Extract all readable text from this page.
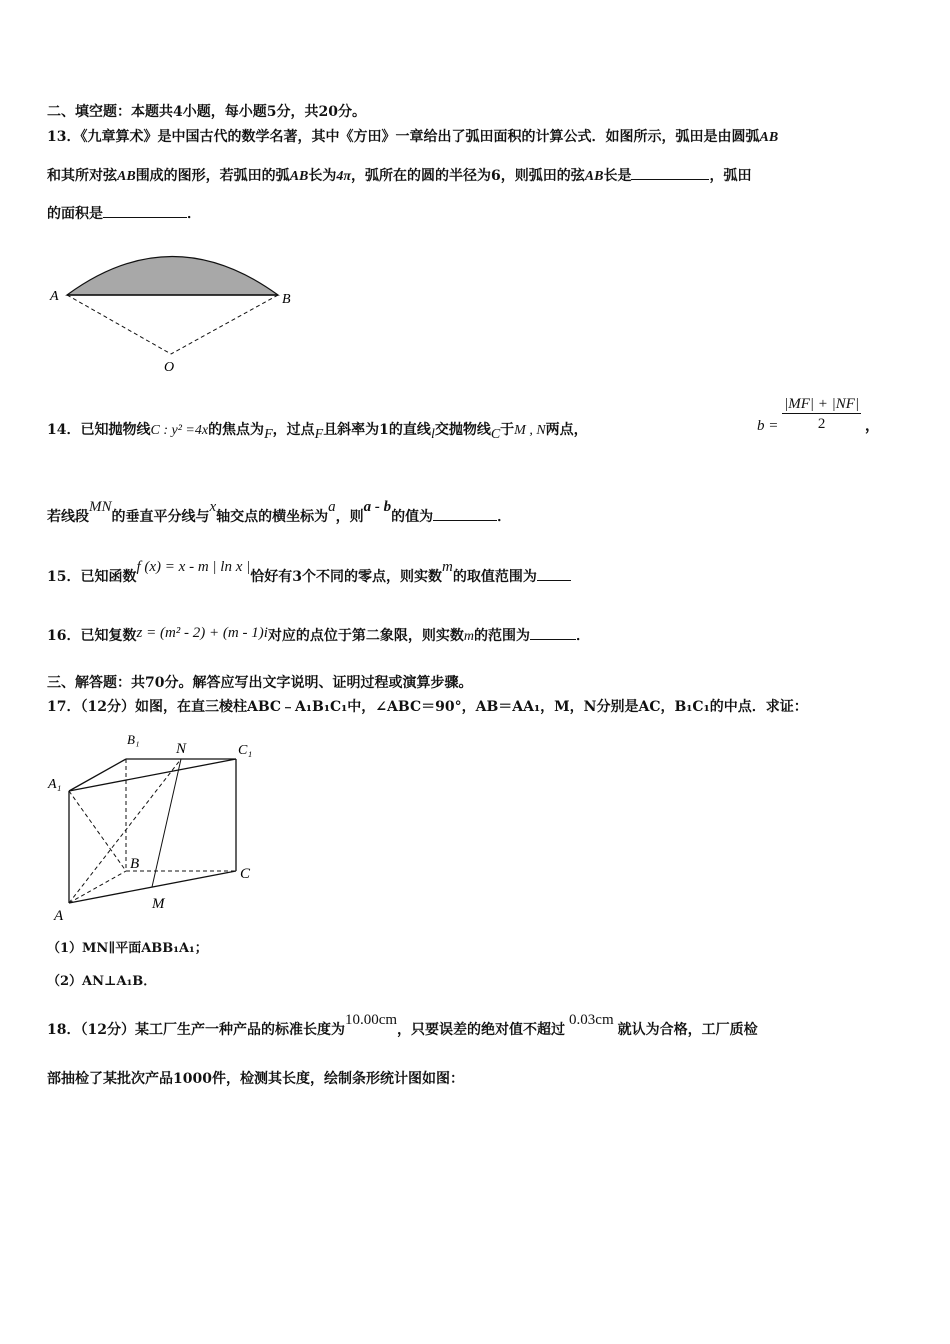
二、填空题：本题共4小题，每小题5分，共20分。
13．《九章算术》是中国古代的数学名著，其中《方田》一章给出了弧田面积的计算公式．如图所示，弧田是由圆弧AB
和其所对弦AB围成的图形，若弧田的弧AB长为4π，弧所在的圆的半径为6，则弧田的弦AB长是	，弧田
的面积是	．
A	B
O
14．已知抛物线C : y² =4x的焦点为F，过点F且斜率为1的直线l交抛物线C于M , N两点，	$b = \frac{|MF| + |NF|}{2}$ ，
若线段MN的垂直平分线与x轴交点的横坐标为a，则a - b的值为	．
15．已知函数f (x) = x - m | ln x |恰好有3个不同的零点，则实数m的取值范围为
16．已知复数z = (m² - 2) + (m - 1)i对应的点位于第二象限，则实数m的范围为	．
三、解答题：共70分。解答应写出文字说明、证明过程或演算步骤。
17．（12分）如图，在直三棱柱ABC﹣A₁B₁C₁中，∠ABC＝90°，AB＝AA₁，M，N分别是AC，B₁C₁的中点．求证：
B₁
N	C₁
A₁
B
C
A
M
（1）MN∥平面ABB₁A₁；
（2）AN⊥A₁B．
18．（12分）某工厂生产一种产品的标准长度为10.00cm，只要误差的绝对值不超过0.03cm就认为合格，工厂质检
部抽检了某批次产品1000件，检测其长度，绘制条形统计图如图：
